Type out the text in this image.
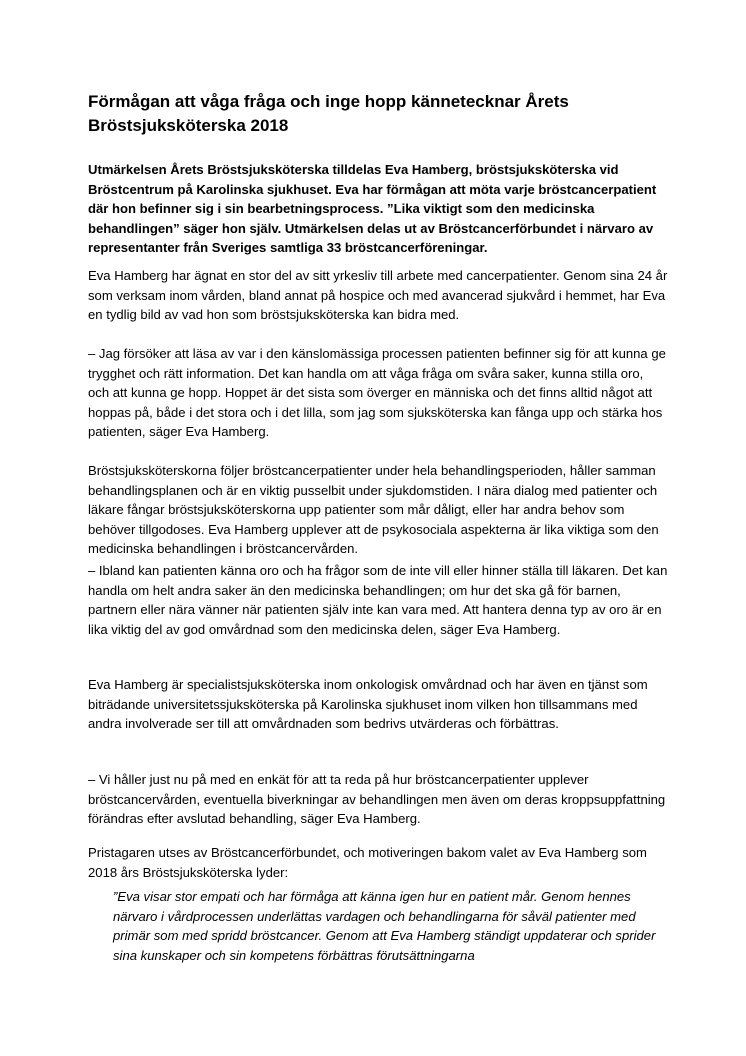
Förmågan att våga fråga och inge hopp kännetecknar Årets Bröstsjuksköterska 2018

Utmärkelsen Årets Bröstsjuksköterska tilldelas Eva Hamberg, bröstsjuksköterska vid Bröstcentrum på Karolinska sjukhuset. Eva har förmågan att möta varje bröstcancerpatient där hon befinner sig i sin bearbetningsprocess. ”Lika viktigt som den medicinska behandlingen” säger hon själv. Utmärkelsen delas ut av Bröstcancerförbundet i närvaro av representanter från Sveriges samtliga 33 bröstcancerföreningar.

Eva Hamberg har ägnat en stor del av sitt yrkesliv till arbete med cancerpatienter. Genom sina 24 år som verksam inom vården, bland annat på hospice och med avancerad sjukvård i hemmet, har Eva en tydlig bild av vad hon som bröstsjuksköterska kan bidra med.

– Jag försöker att läsa av var i den känslomässiga processen patienten befinner sig för att kunna ge trygghet och rätt information. Det kan handla om att våga fråga om svåra saker, kunna stilla oro, och att kunna ge hopp. Hoppet är det sista som överger en människa och det finns alltid något att hoppas på, både i det stora och i det lilla, som jag som sjuksköterska kan fånga upp och stärka hos patienten, säger Eva Hamberg.

Bröstsjuksköterskorna följer bröstcancerpatienter under hela behandlingsperioden, håller samman behandlingsplanen och är en viktig pusselbit under sjukdomstiden. I nära dialog med patienter och läkare fångar bröstsjuksköterskorna upp patienter som mår dåligt, eller har andra behov som behöver tillgodoses. Eva Hamberg upplever att de psykosociala aspekterna är lika viktiga som den medicinska behandlingen i bröstcancervården.

– Ibland kan patienten känna oro och ha frågor som de inte vill eller hinner ställa till läkaren. Det kan handla om helt andra saker än den medicinska behandlingen; om hur det ska gå för barnen, partnern eller nära vänner när patienten själv inte kan vara med. Att hantera denna typ av oro är en lika viktig del av god omvårdnad som den medicinska delen, säger Eva Hamberg.

Eva Hamberg är specialistsjuksköterska inom onkologisk omvårdnad och har även en tjänst som biträdande universitetssjuksköterska på Karolinska sjukhuset inom vilken hon tillsammans med andra involverade ser till att omvårdnaden som bedrivs utvärderas och förbättras.

– Vi håller just nu på med en enkät för att ta reda på hur bröstcancerpatienter upplever bröstcancervården, eventuella biverkningar av behandlingen men även om deras kroppsuppfattning förändras efter avslutad behandling, säger Eva Hamberg.

Pristagaren utses av Bröstcancerförbundet, och motiveringen bakom valet av Eva Hamberg som 2018 års Bröstsjuksköterska lyder:

”Eva visar stor empati och har förmåga att känna igen hur en patient mår. Genom hennes närvaro i vårdprocessen underlättas vardagen och behandlingarna för såväl patienter med primär som med spridd bröstcancer. Genom att Eva Hamberg ständigt uppdaterar och sprider sina kunskaper och sin kompetens förbättras förutsättningarna
